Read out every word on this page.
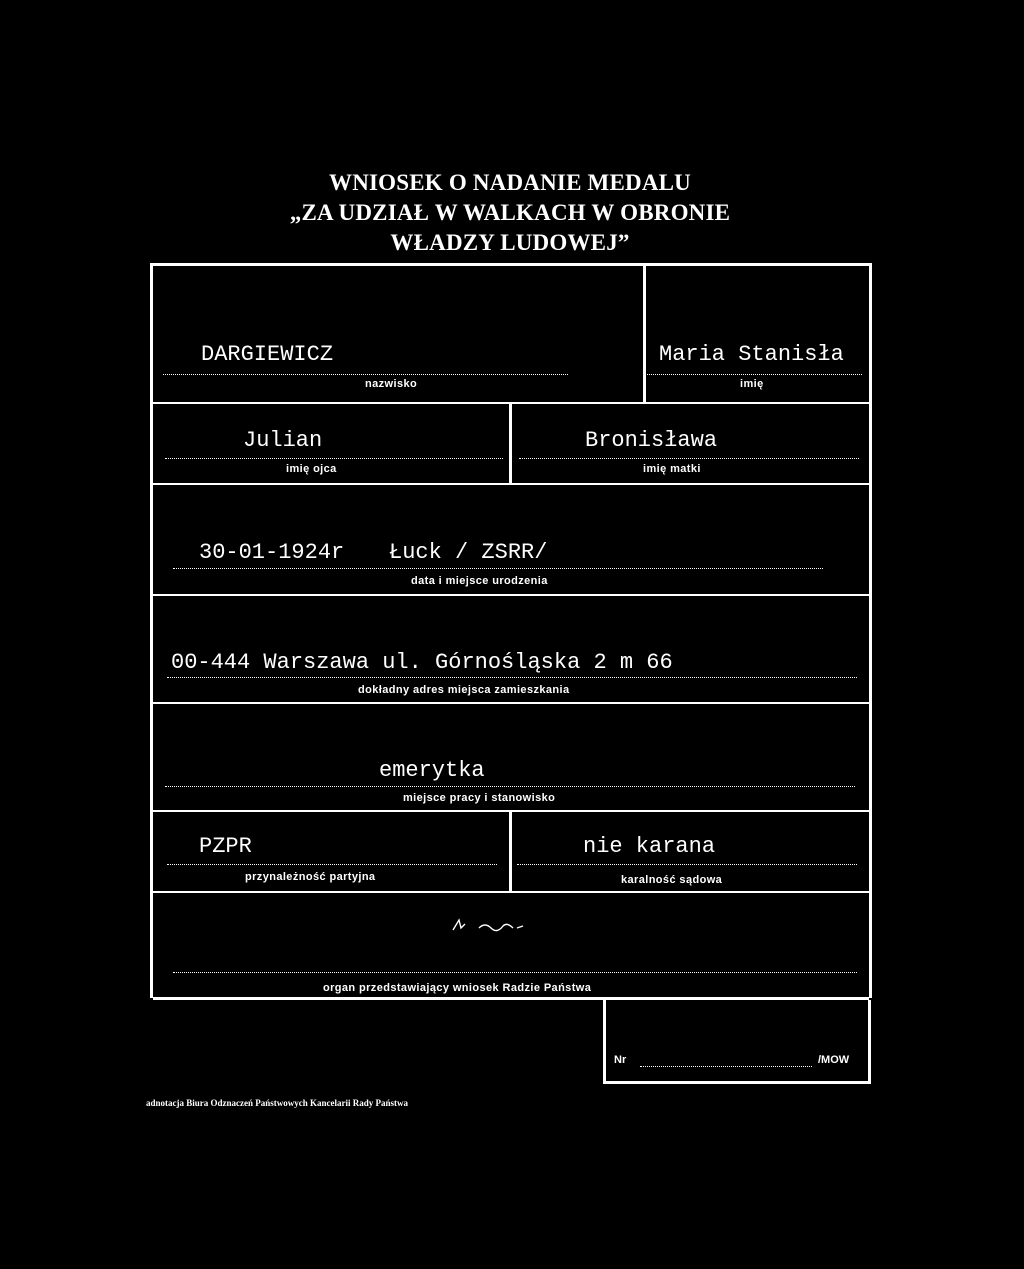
WNIOSEK O NADANIE MEDALU
„ZA UDZIAŁ W WALKACH W OBRONIE
WŁADZY LUDOWEJ”
DARGIEWICZ
nazwisko
Maria Stanisła
imię
Julian
imię ojca
Bronisława
imię matki
30-01-1924r Łuck / ZSRR/
data i miejsce urodzenia
00-444 Warszawa ul. Górnośląska 2 m 66
dokładny adres miejsca zamieszkania
emerytka
miejsce pracy i stanowisko
PZPR
przynależność partyjna
nie karana
karalność sądowa
organ przedstawiający wniosek Radzie Państwa
Nr	/MOW
adnotacja Biura Odznaczeń Państwowych Kancelarii Rady Państwa
